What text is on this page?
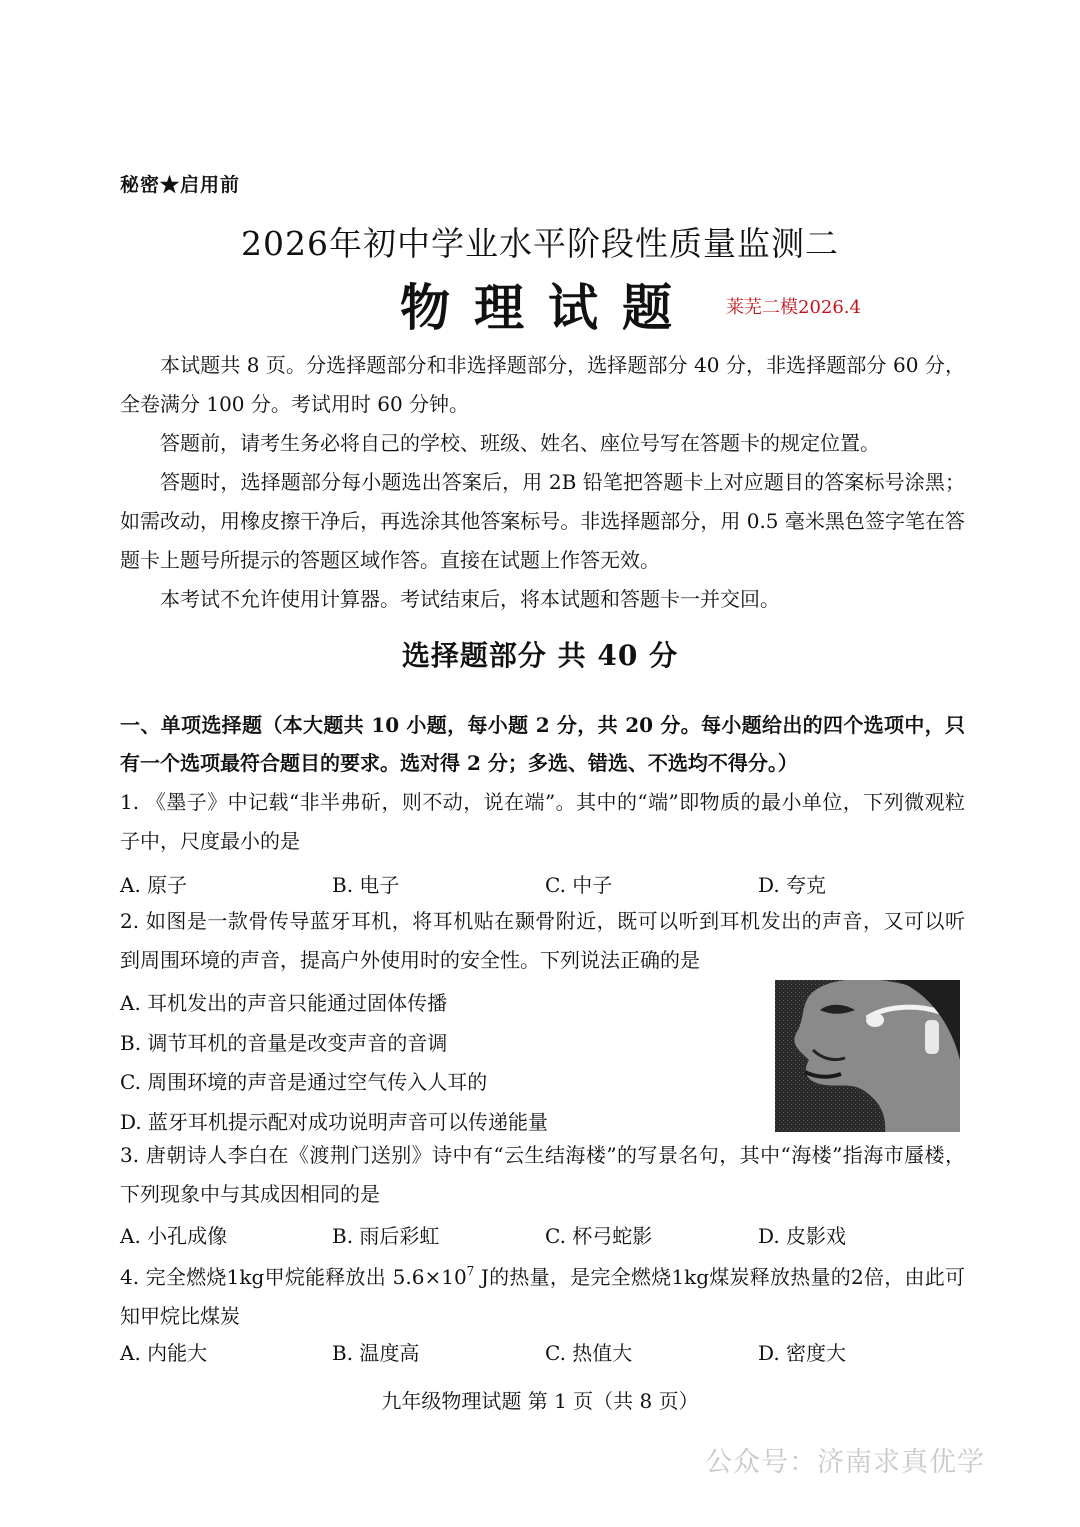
秘密★启用前
2026年初中学业水平阶段性质量监测二
物理试题 莱芜二模2026.4

本试题共 8 页。分选择题部分和非选择题部分，选择题部分 40 分，非选择题部分 60 分，全卷满分 100 分。考试用时 60 分钟。

答题前，请考生务必将自己的学校、班级、姓名、座位号写在答题卡的规定位置。

答题时，选择题部分每小题选出答案后，用 2B 铅笔把答题卡上对应题目的答案标号涂黑；如需改动，用橡皮擦干净后，再选涂其他答案标号。非选择题部分，用 0.5 毫米黑色签字笔在答题卡上题号所提示的答题区域作答。直接在试题上作答无效。

本考试不允许使用计算器。考试结束后，将本试题和答题卡一并交回。

选择题部分 共 40 分
一、单项选择题（本大题共 10 小题，每小题 2 分，共 20 分。每小题给出的四个选项中，只有一个选项最符合题目的要求。选对得 2 分；多选、错选、不选均不得分。）
1. 《墨子》中记载“非半弗斫，则不动，说在端”。其中的“端”即物质的最小单位，下列微观粒子中，尺度最小的是
A. 原子	B. 电子	C. 中子	D. 夸克
2. 如图是一款骨传导蓝牙耳机，将耳机贴在颞骨附近，既可以听到耳机发出的声音，又可以听到周围环境的声音，提高户外使用时的安全性。下列说法正确的是
A. 耳机发出的声音只能通过固体传播
B. 调节耳机的音量是改变声音的音调
C. 周围环境的声音是通过空气传入人耳的
D. 蓝牙耳机提示配对成功说明声音可以传递能量
3. 唐朝诗人李白在《渡荆门送别》诗中有“云生结海楼”的写景名句，其中“海楼”指海市蜃楼，下列现象中与其成因相同的是
A. 小孔成像	B. 雨后彩虹	C. 杯弓蛇影	D. 皮影戏
4. 完全燃烧1kg甲烷能释放出 $5.6\times 10^7$ J的热量，是完全燃烧1kg煤炭释放热量的2倍，由此可知甲烷比煤炭
A. 内能大	B. 温度高	C. 热值大	D. 密度大
九年级物理试题 第 1 页（共 8 页）
公众号：济南求真优学
